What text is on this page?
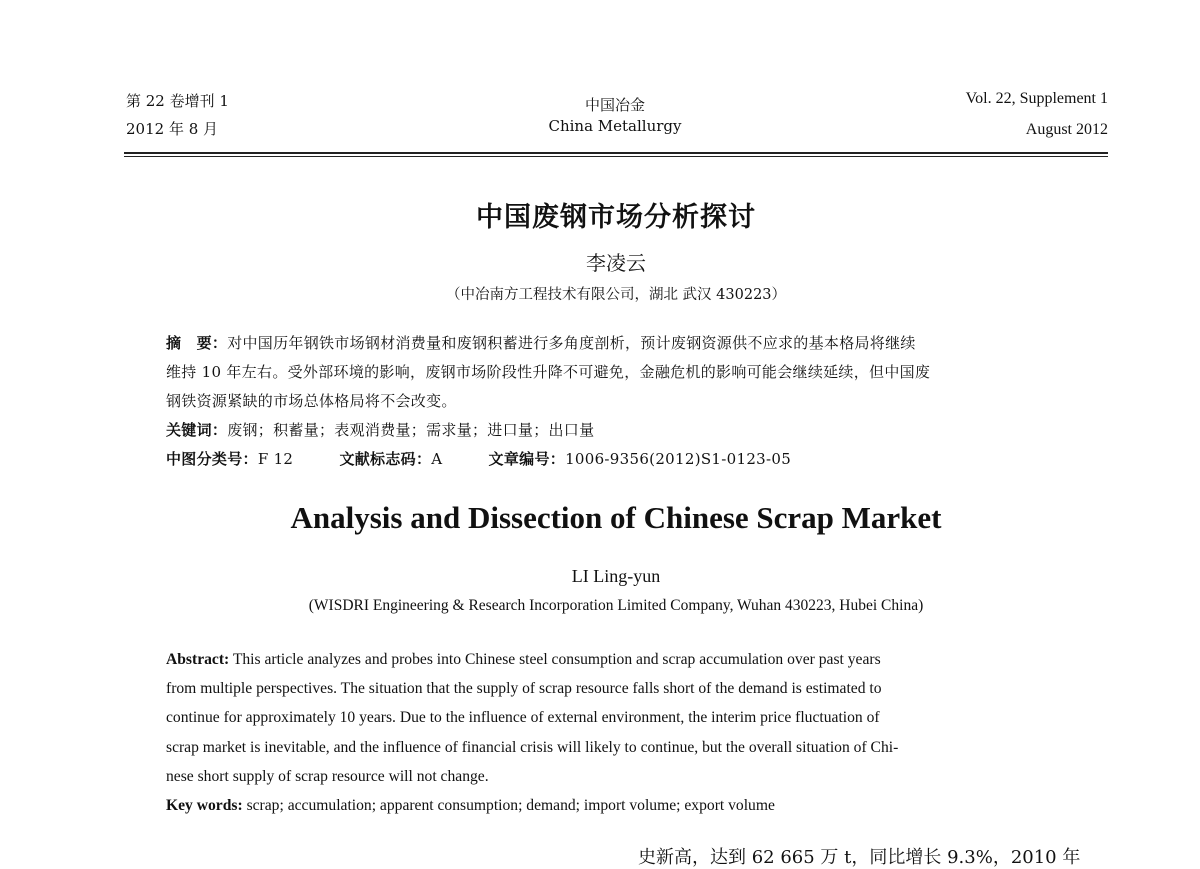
第 22 卷增刊 1
2012 年 8 月
中国冶金
China Metallurgy
Vol. 22, Supplement 1
August 2012
中国废钢市场分析探讨
李凌云
（中冶南方工程技术有限公司，湖北 武汉 430223）
摘　要：对中国历年钢铁市场钢材消费量和废钢积蓄进行多角度剖析，预计废钢资源供不应求的基本格局将继续
维持 10 年左右。受外部环境的影响，废钢市场阶段性升降不可避免，金融危机的影响可能会继续延续，但中国废
钢铁资源紧缺的市场总体格局将不会改变。
关键词：废钢；积蓄量；表观消费量；需求量；进口量；出口量
中图分类号：F 12	文献标志码：A	文章编号：1006-9356(2012)S1-0123-05
Analysis and Dissection of Chinese Scrap Market
LI Ling-yun
(WISDRI Engineering & Research Incorporation Limited Company, Wuhan 430223, Hubei China)
Abstract: This article analyzes and probes into Chinese steel consumption and scrap accumulation over past years
from multiple perspectives. The situation that the supply of scrap resource falls short of the demand is estimated to
continue for approximately 10 years. Due to the influence of external environment, the interim price fluctuation of
scrap market is inevitable, and the influence of financial crisis will likely to continue, but the overall situation of Chi-
nese short supply of scrap resource will not change.
Key words: scrap; accumulation; apparent consumption; demand; import volume; export volume
史新高，达到 62 665 万 t，同比增长 9.3%，2010 年
